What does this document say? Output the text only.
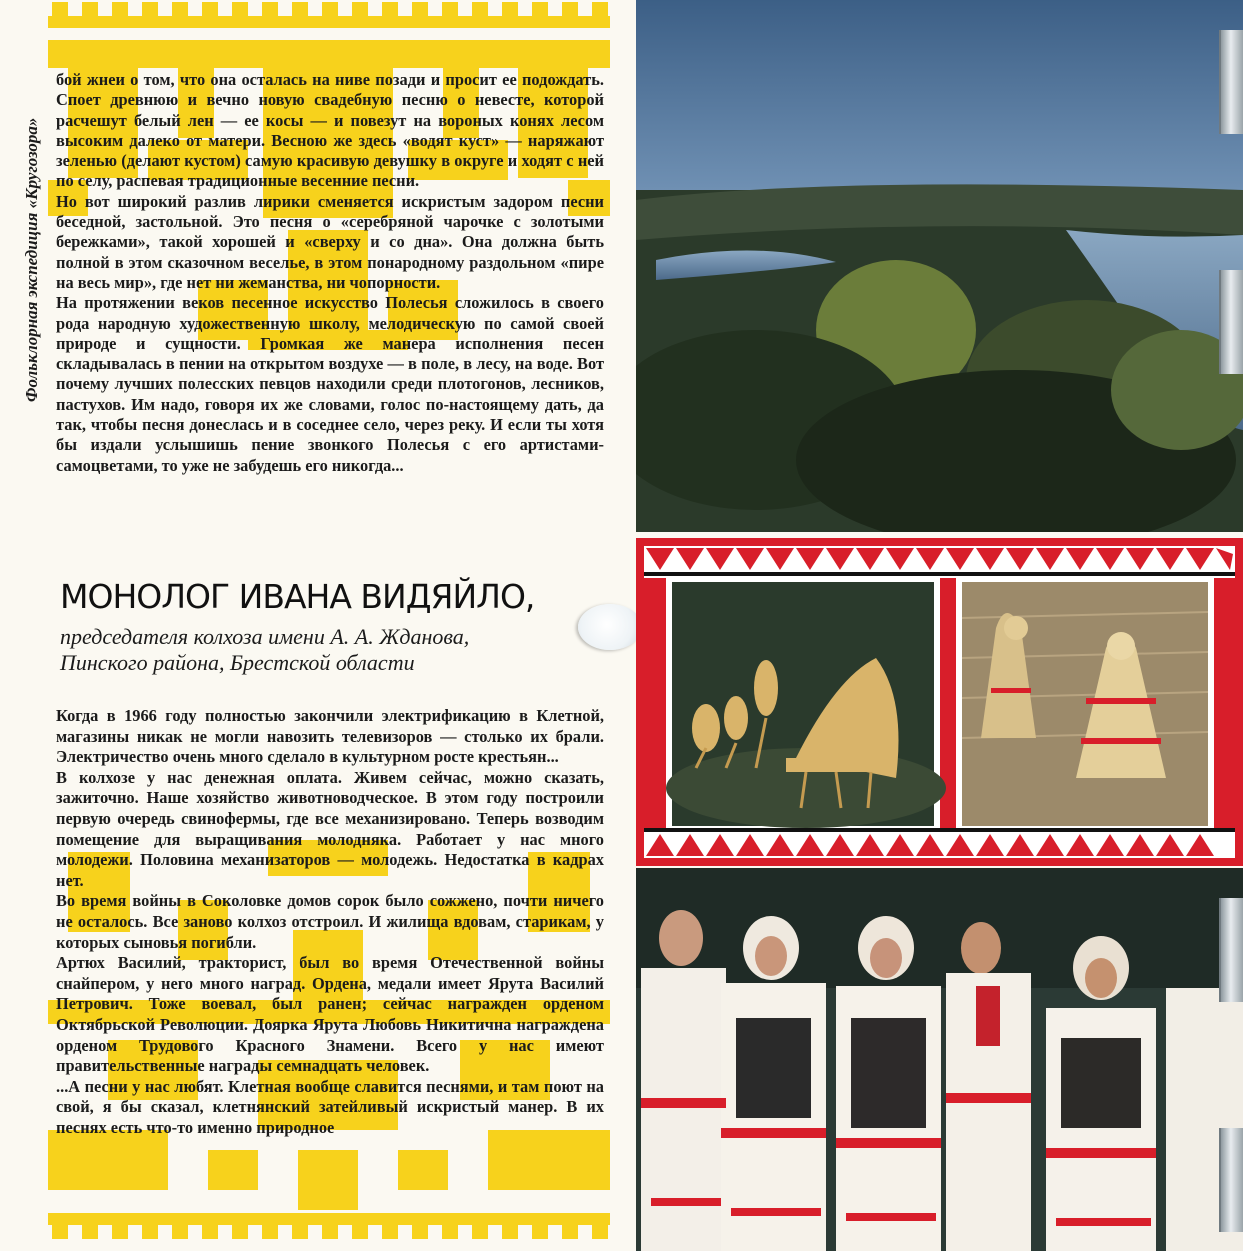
Фольклорная экспедиция «Кругозора»

бой жнеи о том, что она осталась на ниве позади и просит ее подождать. Споет древнюю и вечно новую свадебную песню о невесте, которой расчешут белый лен — ее косы — и повезут на вороных конях лесом высоким далеко от матери. Весною же здесь «водят куст» — наряжают зеленью (делают кустом) самую красивую девушку в округе и ходят с ней по селу, распевая традиционные весенние песни.

Но вот широкий разлив лирики сменяется искристым задором песни беседной, застольной. Это песня о «серебряной чарочке с золотыми бережками», такой хорошей и «сверху и со дна». Она должна быть полной в этом сказочном веселье, в этом понародному раздольном «пире на весь мир», где нет ни жеманства, ни чопорности.

На протяжении веков песенное искусство Полесья сложилось в своего рода народную художественную школу, мелодическую по самой своей природе и сущности. Громкая же манера исполнения песен складывалась в пении на открытом воздухе — в поле, в лесу, на воде. Вот почему лучших полесских певцов находили среди плотогонов, лесников, пастухов. Им надо, говоря их же словами, голос по-настоящему дать, да так, чтобы песня донеслась и в соседнее село, через реку. И если ты хотя бы издали услышишь пение звонкого Полесья с его артистами-самоцветами, то уже не забудешь его никогда...

МОНОЛОГ ИВАНА ВИДЯЙЛО,
председателя колхоза имени А. А. Жданова,
Пинского района, Брестской области

Когда в 1966 году полностью закончили электрификацию в Клетной, магазины никак не могли навозить телевизоров — столько их брали. Электричество очень много сделало в культурном росте крестьян...

В колхозе у нас денежная оплата. Живем сейчас, можно сказать, зажиточно. Наше хозяйство животноводческое. В этом году построили первую очередь свинофермы, где все механизировано. Теперь возводим помещение для выращивания молодняка. Работает у нас много молодежи. Половина механизаторов — молодежь. Недостатка в кадрах нет.

Во время войны в Соколовке домов сорок было сожжено, почти ничего не осталось. Все заново колхоз отстроил. И жилища вдовам, старикам, у которых сыновья погибли.

Артюх Василий, тракторист, был во время Отечественной войны снайпером, у него много наград. Ордена, медали имеет Ярута Василий Петрович. Тоже воевал, был ранен; сейчас награжден орденом Октябрьской Революции. Доярка Ярута Любовь Никитична награждена орденом Трудового Красного Знамени. Всего у нас имеют правительственные награды семнадцать человек.

...А песни у нас любят. Клетная вообще славится песнями, и там поют на свой, я бы сказал, клетнянский затейливый искристый манер. В их песнях есть что-то именно природное
